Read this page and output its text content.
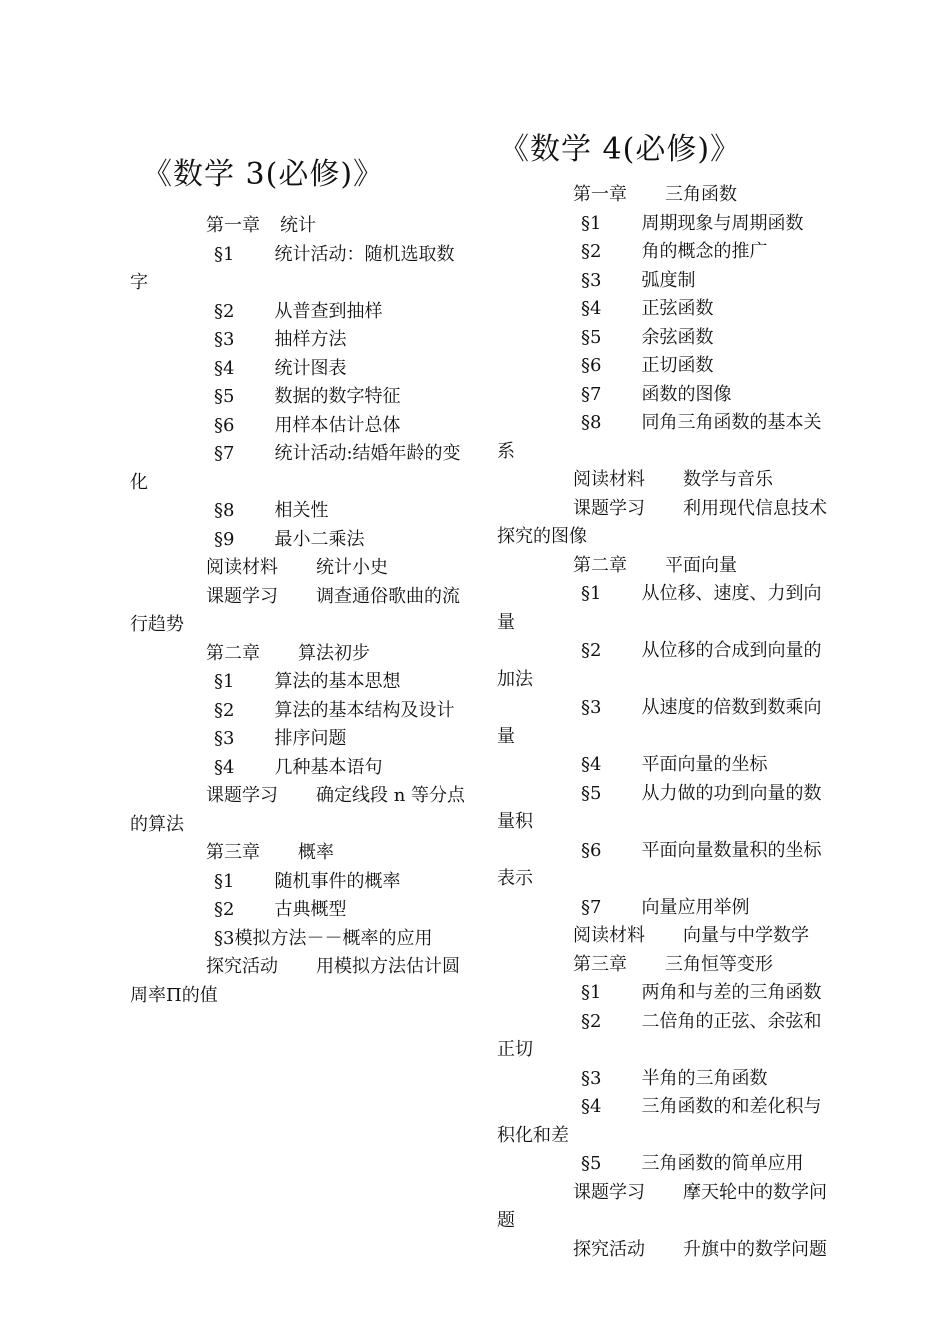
《数学 3(必修)》

第一章 统计
§1 统计活动：随机选取数字
§2 从普查到抽样
§3 抽样方法
§4 统计图表
§5 数据的数字特征
§6 用样本估计总体
§7 统计活动:结婚年龄的变化
§8 相关性
§9 最小二乘法
阅读材料 统计小史
课题学习 调查通俗歌曲的流行趋势
第二章 算法初步
§1 算法的基本思想
§2 算法的基本结构及设计
§3 排序问题
§4 几种基本语句
课题学习 确定线段 n 等分点的算法
第三章 概率
§1 随机事件的概率
§2 古典概型
§3模拟方法－－概率的应用
探究活动 用模拟方法估计圆周率Π的值

《数学 4(必修)》

第一章 三角函数
§1 周期现象与周期函数
§2 角的概念的推广
§3 弧度制
§4 正弦函数
§5 余弦函数
§6 正切函数
§7 函数的图像
§8 同角三角函数的基本关系
阅读材料 数学与音乐
课题学习 利用现代信息技术探究的图像
第二章 平面向量
§1 从位移、速度、力到向量
§2 从位移的合成到向量的加法
§3 从速度的倍数到数乘向量
§4 平面向量的坐标
§5 从力做的功到向量的数量积
§6 平面向量数量积的坐标表示
§7 向量应用举例
阅读材料 向量与中学数学
第三章 三角恒等变形
§1 两角和与差的三角函数
§2 二倍角的正弦、余弦和正切
§3 半角的三角函数
§4 三角函数的和差化积与积化和差
§5 三角函数的简单应用
课题学习 摩天轮中的数学问题
探究活动 升旗中的数学问题
